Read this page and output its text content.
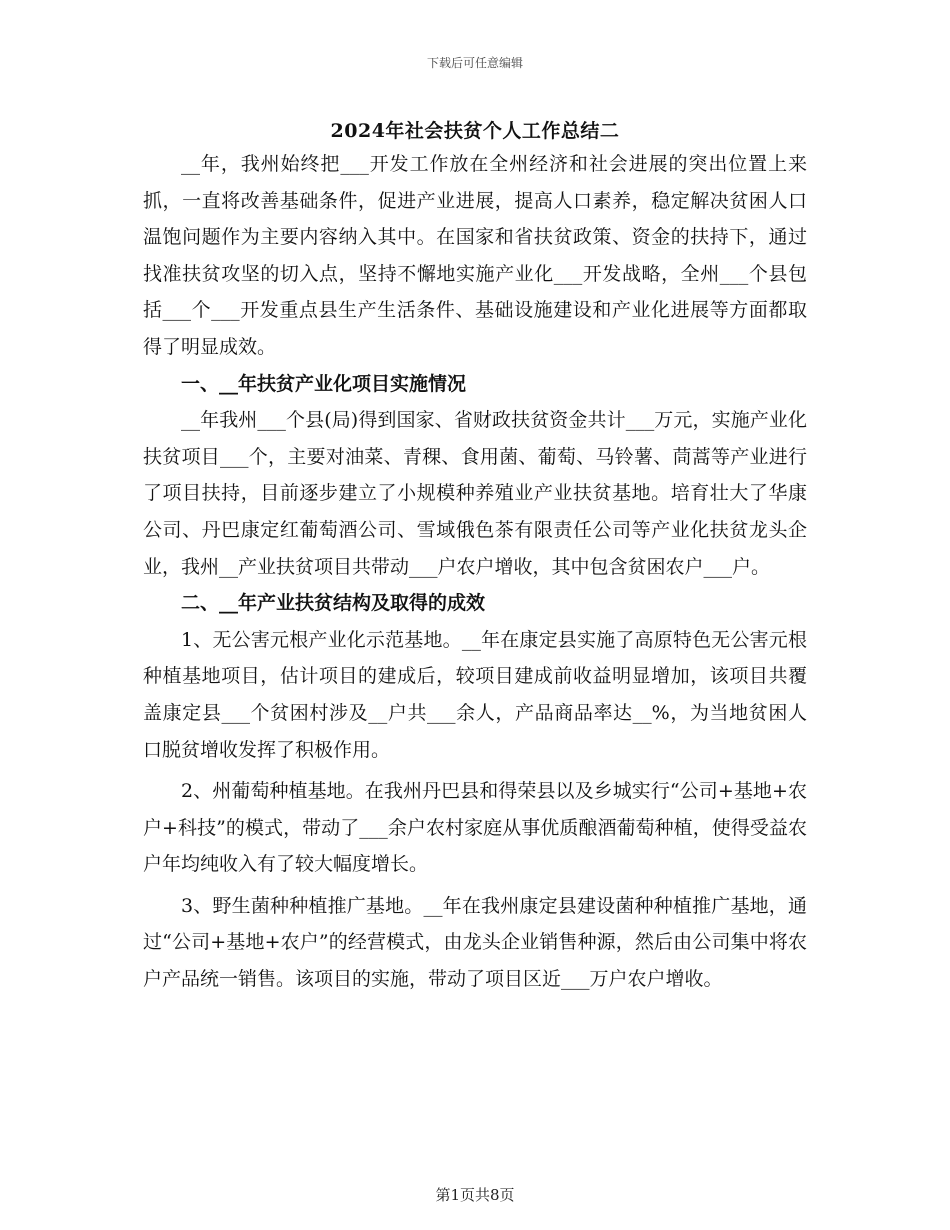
下载后可任意编辑
2024年社会扶贫个人工作总结二

__年，我州始终把___开发工作放在全州经济和社会进展的突出位置上来抓，一直将改善基础条件，促进产业进展，提高人口素养，稳定解决贫困人口温饱问题作为主要内容纳入其中。在国家和省扶贫政策、资金的扶持下，通过找准扶贫攻坚的切入点，坚持不懈地实施产业化___开发战略，全州___个县包括___个___开发重点县生产生活条件、基础设施建设和产业化进展等方面都取得了明显成效。

一、__年扶贫产业化项目实施情况

__年我州___个县(局)得到国家、省财政扶贫资金共计___万元，实施产业化扶贫项目___个，主要对油菜、青稞、食用菌、葡萄、马铃薯、茼蒿等产业进行了项目扶持，目前逐步建立了小规模种养殖业产业扶贫基地。培育壮大了华康公司、丹巴康定红葡萄酒公司、雪域俄色茶有限责任公司等产业化扶贫龙头企业，我州__产业扶贫项目共带动___户农户增收，其中包含贫困农户___户。

二、__年产业扶贫结构及取得的成效

1、无公害元根产业化示范基地。__年在康定县实施了高原特色无公害元根种植基地项目，估计项目的建成后，较项目建成前收益明显增加，该项目共覆盖康定县___个贫困村涉及__户共___余人，产品商品率达__%，为当地贫困人口脱贫增收发挥了积极作用。

2、州葡萄种植基地。在我州丹巴县和得荣县以及乡城实行“公司+基地+农户+科技”的模式，带动了___余户农村家庭从事优质酿酒葡萄种植，使得受益农户年均纯收入有了较大幅度增长。

3、野生菌种种植推广基地。__年在我州康定县建设菌种种植推广基地，通过“公司+基地+农户”的经营模式，由龙头企业销售种源，然后由公司集中将农户产品统一销售。该项目的实施，带动了项目区近___万户农户增收。

第1页共8页
